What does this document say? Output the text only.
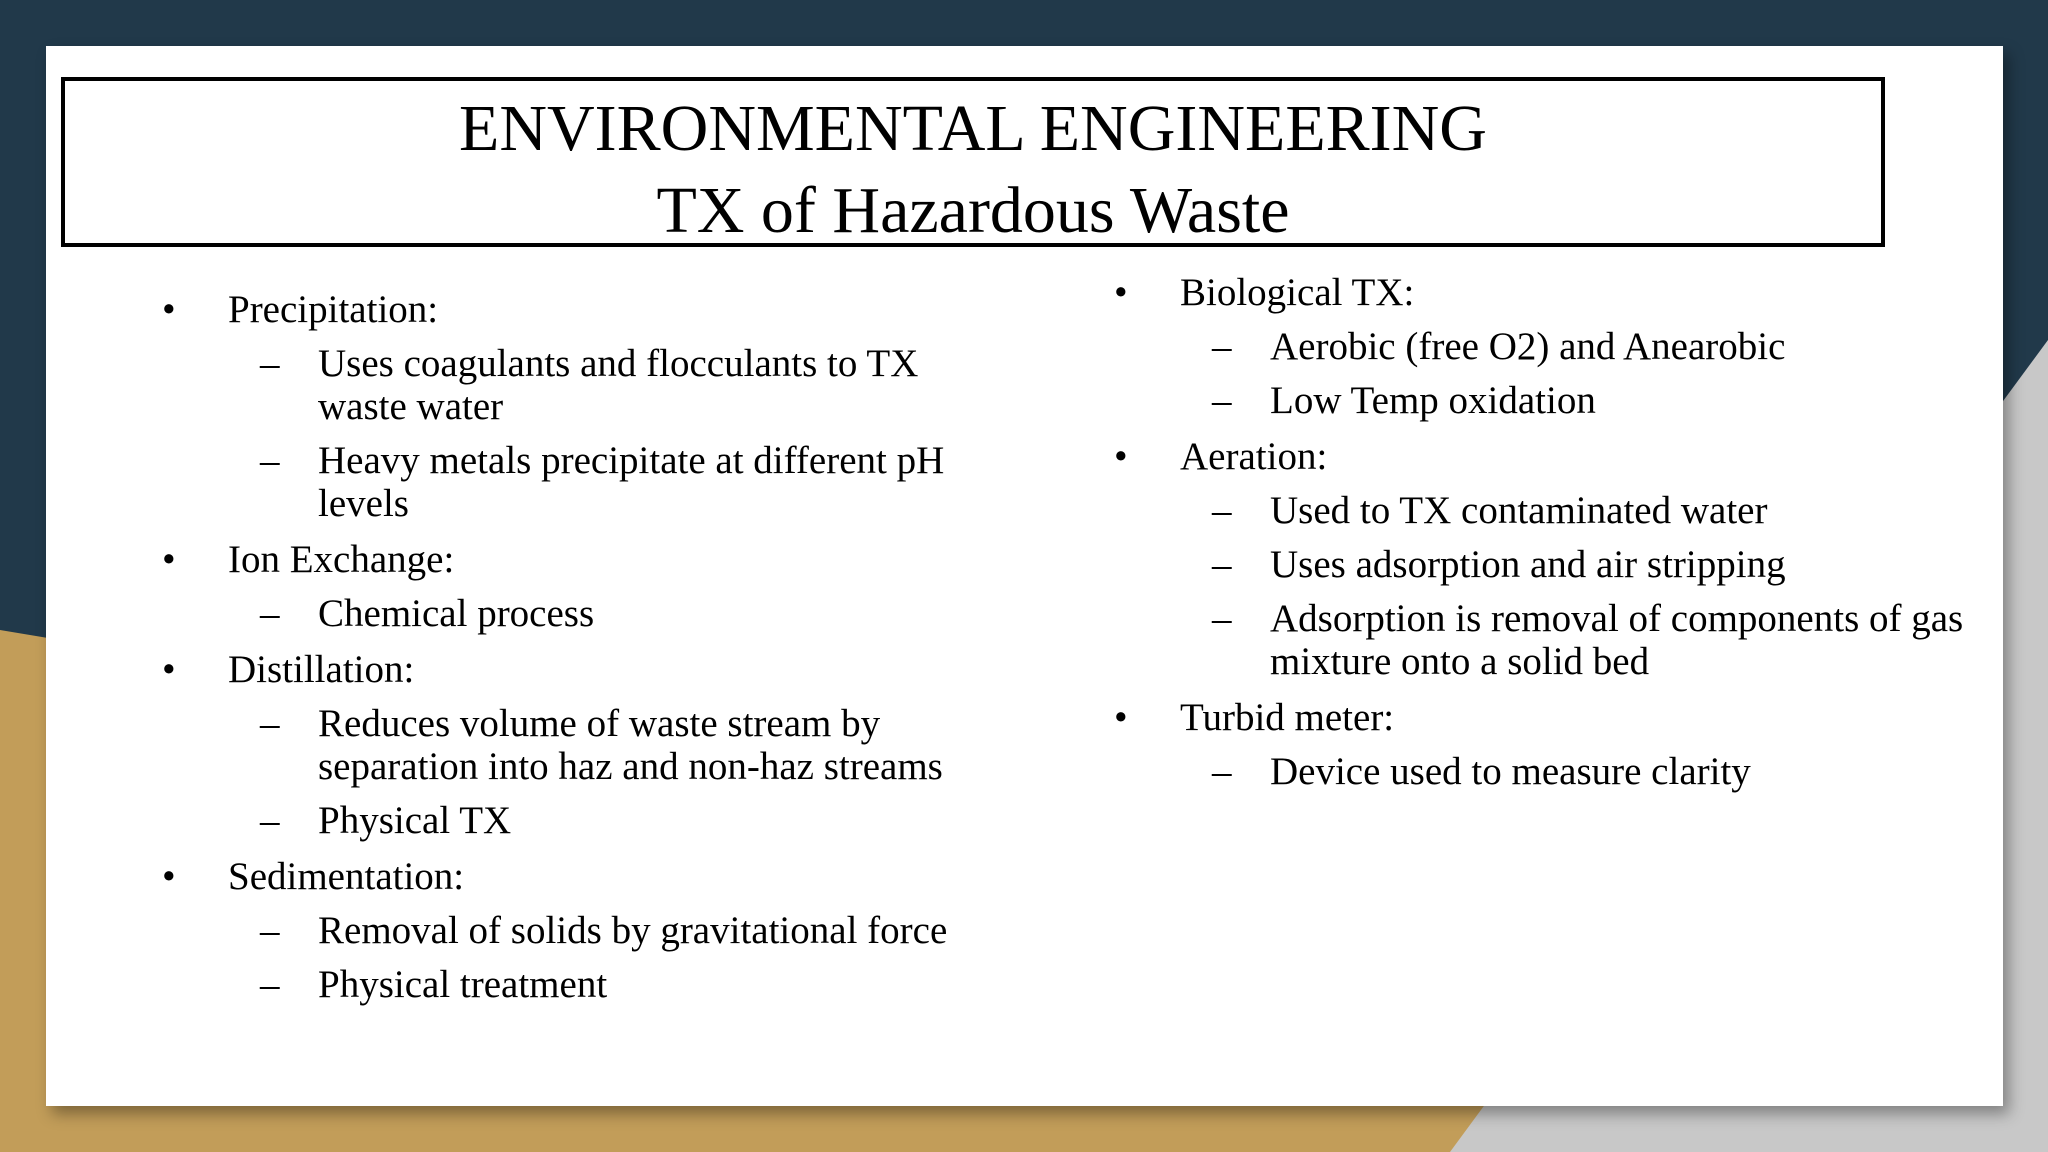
ENVIRONMENTAL ENGINEERING
TX of Hazardous Waste
• Precipitation:
– Uses coagulants and flocculants to TX waste water
– Heavy metals precipitate at different pH levels
• Ion Exchange:
– Chemical process
• Distillation:
– Reduces volume of waste stream by separation into haz and non-haz streams
– Physical TX
• Sedimentation:
– Removal of solids by gravitational force
– Physical treatment
• Biological TX:
– Aerobic (free O2) and Anearobic
– Low Temp oxidation
• Aeration:
– Used to TX contaminated water
– Uses adsorption and air stripping
– Adsorption is removal of components of gas mixture onto a solid bed
• Turbid meter:
– Device used to measure clarity
